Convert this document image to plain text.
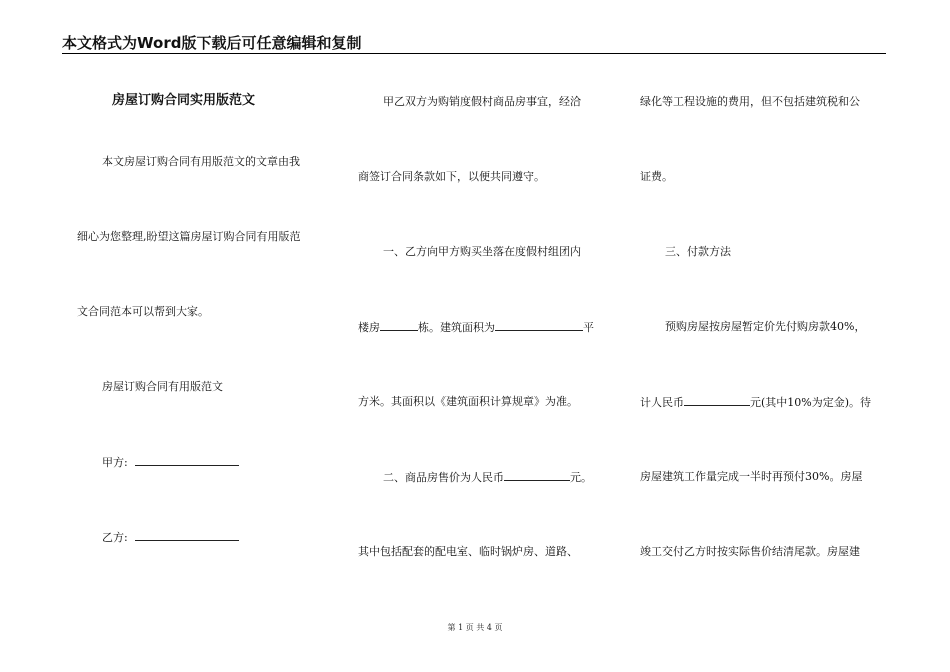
本文格式为Word版下载后可任意编辑和复制
房屋订购合同实用版范文
本文房屋订购合同有用版范文的文章由我
细心为您整理,盼望这篇房屋订购合同有用版范
文合同范本可以帮到大家。
房屋订购合同有用版范文
甲方:
乙方:
甲乙双方为购销度假村商品房事宜，经洽
商签订合同条款如下，以便共同遵守。
一、乙方向甲方购买坐落在度假村组团内
楼房	栋。建筑面积为	平
方米。其面积以《建筑面积计算规章》为准。
二、商品房售价为人民币	元。
其中包括配套的配电室、临时锅炉房、道路、
绿化等工程设施的费用，但不包括建筑税和公
证费。
三、付款方法
预购房屋按房屋暂定价先付购房款40%，
计人民币	元(其中10%为定金)。待
房屋建筑工作量完成一半时再预付30%。房屋
竣工交付乙方时按实际售价结清尾款。房屋建
第 1 页 共 4 页
